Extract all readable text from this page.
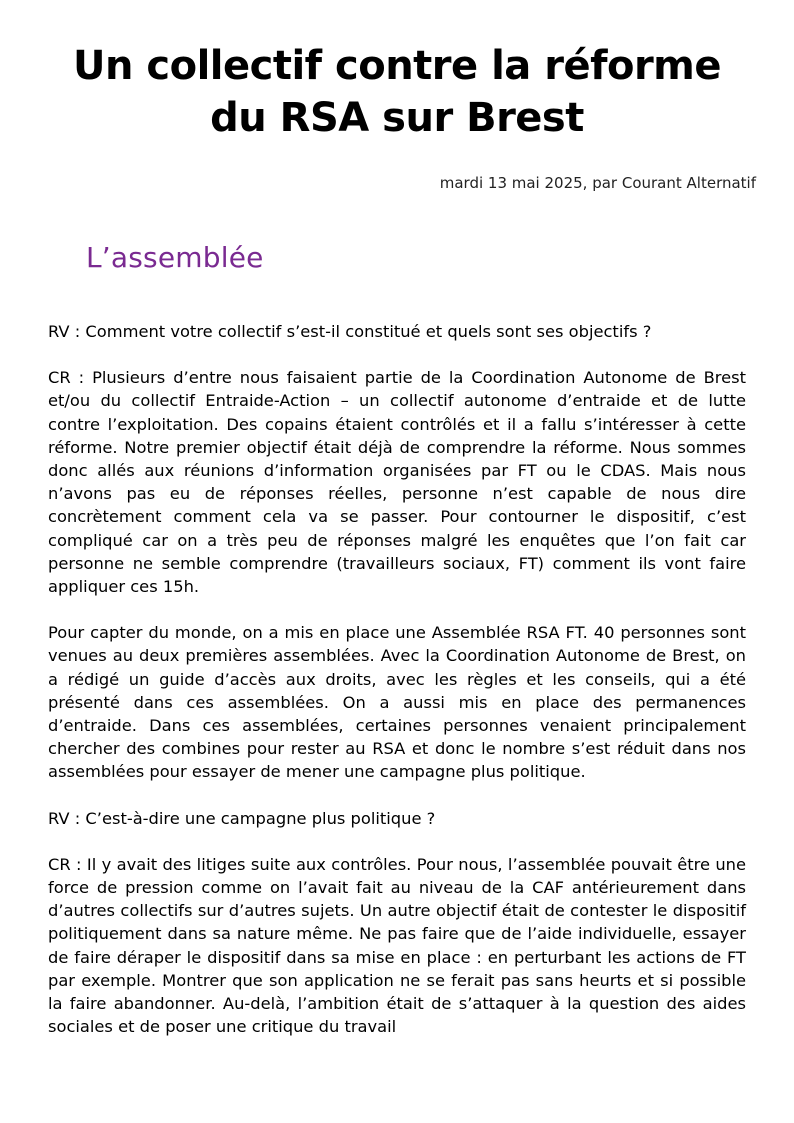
Un collectif contre la réforme
du RSA sur Brest
mardi 13 mai 2025, par Courant Alternatif
L’assemblée

RV : Comment votre collectif s’est-il constitué et quels sont ses objectifs ?

CR : Plusieurs d’entre nous faisaient partie de la Coordination Autonome de Brest et/ou du collectif Entraide-Action – un collectif autonome d’entraide et de lutte contre l’exploitation. Des copains étaient contrôlés et il a fallu s’intéresser à cette réforme. Notre premier objectif était déjà de comprendre la réforme. Nous sommes donc allés aux réunions d’information organisées par FT ou le CDAS. Mais nous n’avons pas eu de réponses réelles, personne n’est capable de nous dire concrètement comment cela va se passer. Pour contourner le dispositif, c’est compliqué car on a très peu de réponses malgré les enquêtes que l’on fait car personne ne semble comprendre (travailleurs sociaux, FT) comment ils vont faire appliquer ces 15h.

Pour capter du monde, on a mis en place une Assemblée RSA FT. 40 personnes sont venues au deux premières assemblées. Avec la Coordination Autonome de Brest, on a rédigé un guide d’accès aux droits, avec les règles et les conseils, qui a été présenté dans ces assemblées. On a aussi mis en place des permanences d’entraide. Dans ces assemblées, certaines personnes venaient principalement chercher des combines pour rester au RSA et donc le nombre s’est réduit dans nos assemblées pour essayer de mener une campagne plus politique.

RV : C’est-à-dire une campagne plus politique ?

CR : Il y avait des litiges suite aux contrôles. Pour nous, l’assemblée pouvait être une force de pression comme on l’avait fait au niveau de la CAF antérieurement dans d’autres collectifs sur d’autres sujets. Un autre objectif était de contester le dispositif politiquement dans sa nature même. Ne pas faire que de l’aide individuelle, essayer de faire déraper le dispositif dans sa mise en place : en perturbant les actions de FT par exemple. Montrer que son application ne se ferait pas sans heurts et si possible la faire abandonner. Au-delà, l’ambition était de s’attaquer à la question des aides sociales et de poser une critique du travail
